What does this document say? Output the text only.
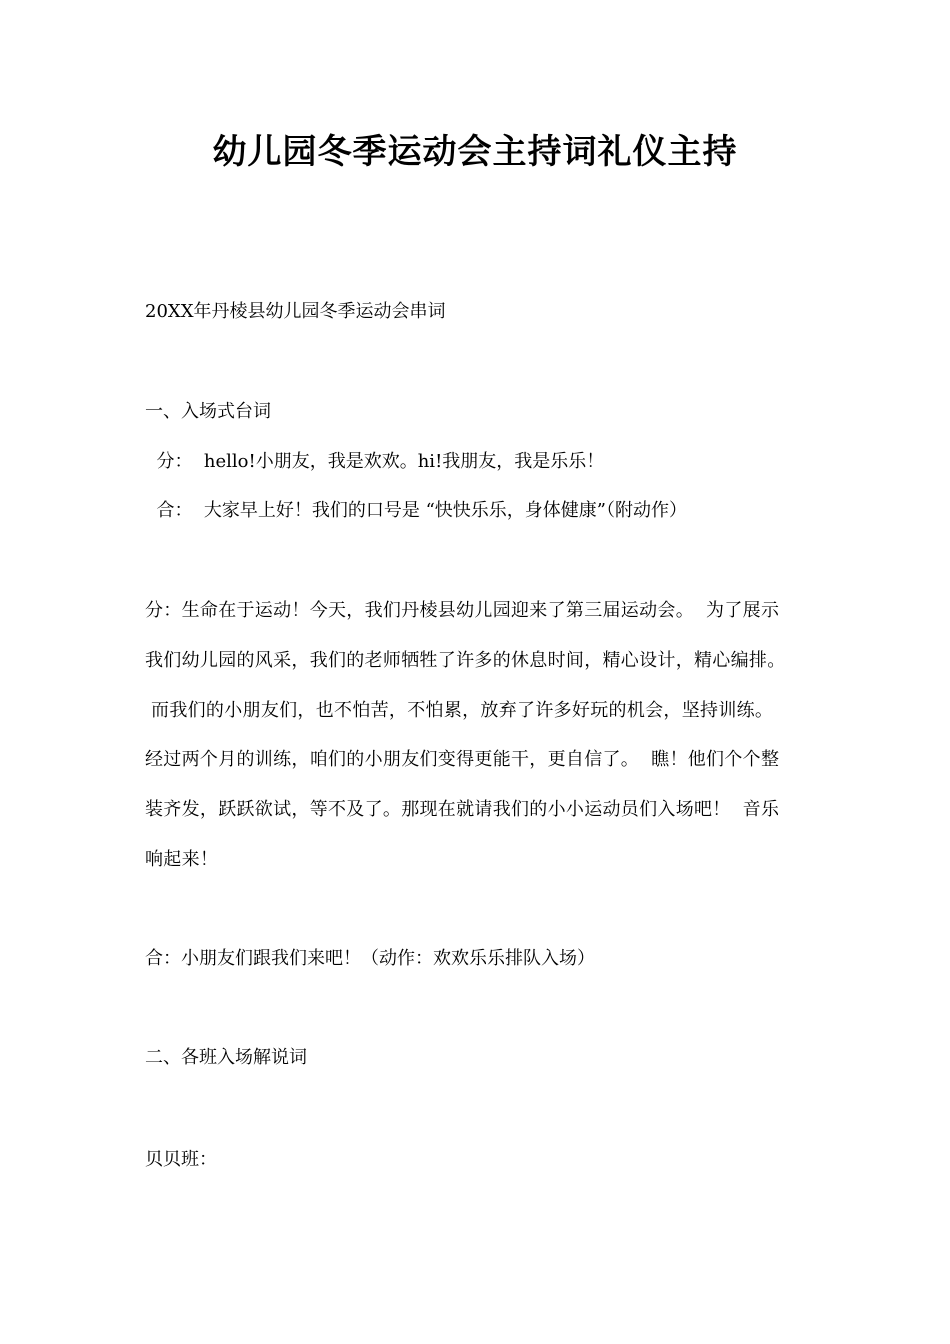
幼儿园冬季运动会主持词礼仪主持
20XX年丹棱县幼儿园冬季运动会串词
一、入场式台词
分：  hello!小朋友，我是欢欢。hi!我朋友，我是乐乐！
合：  大家早上好！我们的口号是 “快快乐乐，身体健康”（附动作）
分：生命在于运动！今天，我们丹棱县幼儿园迎来了第三届运动会。  为了展示
我们幼儿园的风采，我们的老师牺牲了许多的休息时间，精心设计，精心编排。
而我们的小朋友们，也不怕苦，不怕累，放弃了许多好玩的机会，坚持训练。
经过两个月的训练，咱们的小朋友们变得更能干，更自信了。  瞧！他们个个整
装齐发，跃跃欲试，等不及了。那现在就请我们的小小运动员们入场吧！  音乐
响起来！
合：小朋友们跟我们来吧！（动作：欢欢乐乐排队入场）
二、各班入场解说词
贝贝班：
